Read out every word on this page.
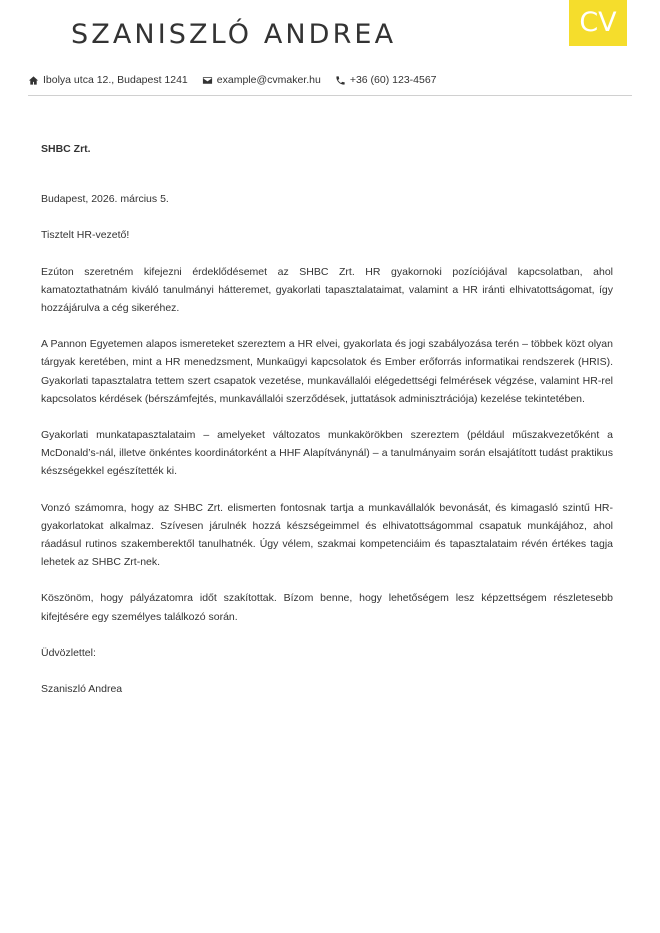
SZANISZLÓ ANDREA	CV
Ibolya utca 12., Budapest 1241	example@cvmaker.hu	+36 (60) 123-4567

SHBC Zrt.

Budapest, 2026. március 5.

Tisztelt HR-vezető!

Ezúton szeretném kifejezni érdeklődésemet az SHBC Zrt. HR gyakornoki pozíciójával kapcsolatban, ahol kamatoztathatnám kiváló tanulmányi hátteremet, gyakorlati tapasztalataimat, valamint a HR iránti elhivatottságomat, így hozzájárulva a cég sikeréhez.

A Pannon Egyetemen alapos ismereteket szereztem a HR elvei, gyakorlata és jogi szabályozása terén – többek közt olyan tárgyak keretében, mint a HR menedzsment, Munkaügyi kapcsolatok és Ember erőforrás informatikai rendszerek (HRIS). Gyakorlati tapasztalatra tettem szert csapatok vezetése, munkavállalói elégedettségi felmérések végzése, valamint HR-rel kapcsolatos kérdések (bérszámfejtés, munkavállalói szerződések, juttatások adminisztrációja) kezelése tekintetében.

Gyakorlati munkatapasztalataim – amelyeket változatos munkakörökben szereztem (például műszakvezetőként a McDonald’s-nál, illetve önkéntes koordinátorként a HHF Alapítványnál) – a tanulmányaim során elsajátított tudást praktikus készségekkel egészítették ki.

Vonzó számomra, hogy az SHBC Zrt. elismerten fontosnak tartja a munkavállalók bevonását, és kimagasló szintű HR-gyakorlatokat alkalmaz. Szívesen járulnék hozzá készségeimmel és elhivatottságommal csapatuk munkájához, ahol ráadásul rutinos szakemberektől tanulhatnék. Úgy vélem, szakmai kompetenciáim és tapasztalataim révén értékes tagja lehetek az SHBC Zrt-nek.

Köszönöm, hogy pályázatomra időt szakítottak. Bízom benne, hogy lehetőségem lesz képzettségem részletesebb kifejtésére egy személyes találkozó során.

Üdvözlettel:

Szaniszló Andrea
